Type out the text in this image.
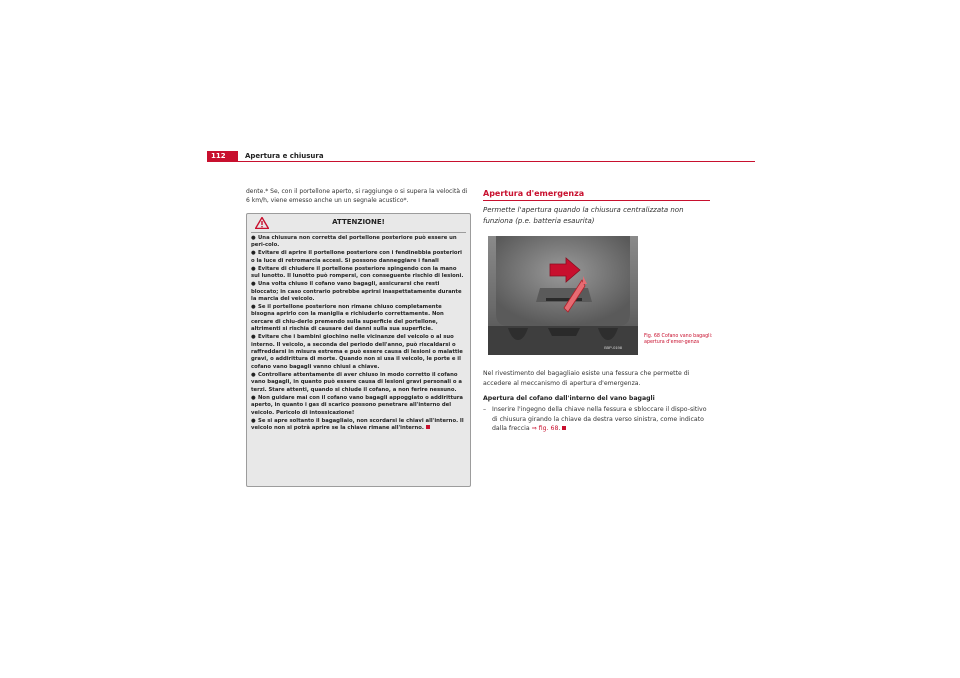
112	Apertura e chiusura

dente.* Se, con il portellone aperto, si raggiunge o si supera la velocità di 6 km/h, viene emesso anche un un segnale acustico*.

ATTENZIONE!
● Una chiusura non corretta del portellone posteriore può essere un peri-colo.
● Evitare di aprire il portellone posteriore con i fendinebbia posteriori o la luce di retromarcia accesi. Si possono danneggiare i fanali
● Evitare di chiudere il portellone posteriore spingendo con la mano sul lunotto. Il lunotto può rompersi, con conseguente rischio di lesioni.
● Una volta chiuso il cofano vano bagagli, assicurarsi che resti bloccato; in caso contrario potrebbe aprirsi inaspettatamente durante la marcia del veicolo.
● Se il portellone posteriore non rimane chiuso completamente bisogna aprirlo con la maniglia e richiuderlo correttamente. Non cercare di chiu-derlo premendo sulla superficie del portellone, altrimenti si rischia di causare dei danni sulla sua superficie.
● Evitare che i bambini giochino nelle vicinanze del veicolo o al suo interno. Il veicolo, a seconda del periodo dell'anno, può riscaldarsi o raffreddarsi in misura estrema e può essere causa di lesioni o malattie gravi, o addirittura di morte. Quando non si usa il veicolo, le porte e il cofano vano bagagli vanno chiusi a chiave.
● Controllare attentamente di aver chiuso in modo corretto il cofano vano bagagli, in quanto può essere causa di lesioni gravi personali o a terzi. Stare attenti, quando si chiude il cofano, a non ferire nessuno.
● Non guidare mai con il cofano vano bagagli appoggiato o addirittura aperto, in quanto i gas di scarico possono penetrare all'interno del veicolo. Pericolo di intossicazione!
● Se si apre soltanto il bagagliaio, non scordarsi le chiavi all'interno. Il veicolo non si potrà aprire se la chiave rimane all'interno.
Apertura d'emergenza

Permette l'apertura quando la chiusura centralizzata non funziona (p.e. batteria esaurita)

B5P-0198

Fig. 68 Cofano vano bagagli: apertura d'emer-genza

Nel rivestimento del bagagliaio esiste una fessura che permette di accedere al meccanismo di apertura d'emergenza.

Apertura del cofano dall'interno del vano bagagli

– Inserire l'ingegno della chiave nella fessura e sbloccare il dispo-sitivo di chiusura girando la chiave da destra verso sinistra, come indicato dalla freccia ⇒ fig. 68.
